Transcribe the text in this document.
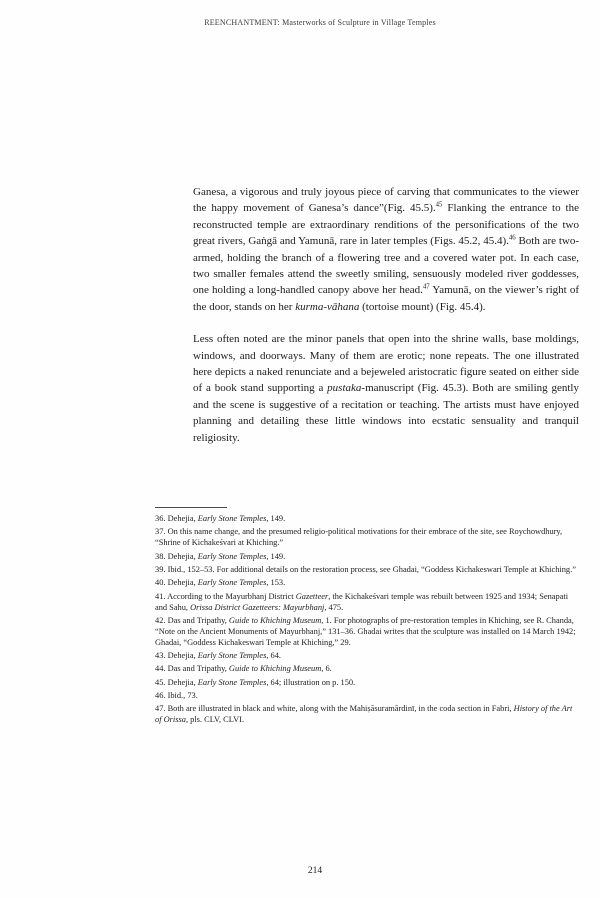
REENCHANTMENT: Masterworks of Sculpture in Village Temples

Ganesa, a vigorous and truly joyous piece of carving that communicates to the viewer the happy movement of Ganesa’s dance”(Fig. 45.5).$^{45}$ Flanking the entrance to the reconstructed temple are extraordinary renditions of the personifications of the two great rivers, Gaṅgā and Yamunā, rare in later temples (Figs. 45.2, 45.4).$^{46}$ Both are two-armed, holding the branch of a flowering tree and a covered water pot. In each case, two smaller females attend the sweetly smiling, sensuously modeled river goddesses, one holding a long-handled canopy above her head.$^{47}$ Yamunā, on the viewer’s right of the door, stands on her kurma-vāhana (tortoise mount) (Fig. 45.4).

Less often noted are the minor panels that open into the shrine walls, base moldings, windows, and doorways. Many of them are erotic; none repeats. The one illustrated here depicts a naked renunciate and a bejeweled aristocratic figure seated on either side of a book stand supporting a pustaka-manuscript (Fig. 45.3). Both are smiling gently and the scene is suggestive of a recitation or teaching. The artists must have enjoyed planning and detailing these little windows into ecstatic sensuality and tranquil religiosity.

36. Dehejia, Early Stone Temples, 149.

37. On this name change, and the presumed religio-political motivations for their embrace of the site, see Roychowdhury, “Shrine of Kichakeśvari at Khiching.”

38. Dehejia, Early Stone Temples, 149.

39. Ibid., 152–53. For additional details on the restoration process, see Ghadai, “Goddess Kichakeswari Temple at Khiching.”

40. Dehejia, Early Stone Temples, 153.

41. According to the Mayurbhanj District Gazetteer, the Kichakeśvari temple was rebuilt between 1925 and 1934; Senapati and Sahu, Orissa District Gazetteers: Mayurbhanj, 475.

42. Das and Tripathy, Guide to Khiching Museum, 1. For photographs of pre-restoration temples in Khiching, see R. Chanda, “Note on the Ancient Monuments of Mayurbhanj,” 131–36. Ghadai writes that the sculpture was installed on 14 March 1942; Ghadai, “Goddess Kichakeswari Temple at Khiching,” 29.

43. Dehejia, Early Stone Temples, 64.

44. Das and Tripathy, Guide to Khiching Museum, 6.

45. Dehejia, Early Stone Temples, 64; illustration on p. 150.

46. Ibid., 73.

47. Both are illustrated in black and white, along with the Mahiṣāsuramārdinī, in the coda section in Fabri, History of the Art of Orissa, pls. CLV, CLVI.

214
